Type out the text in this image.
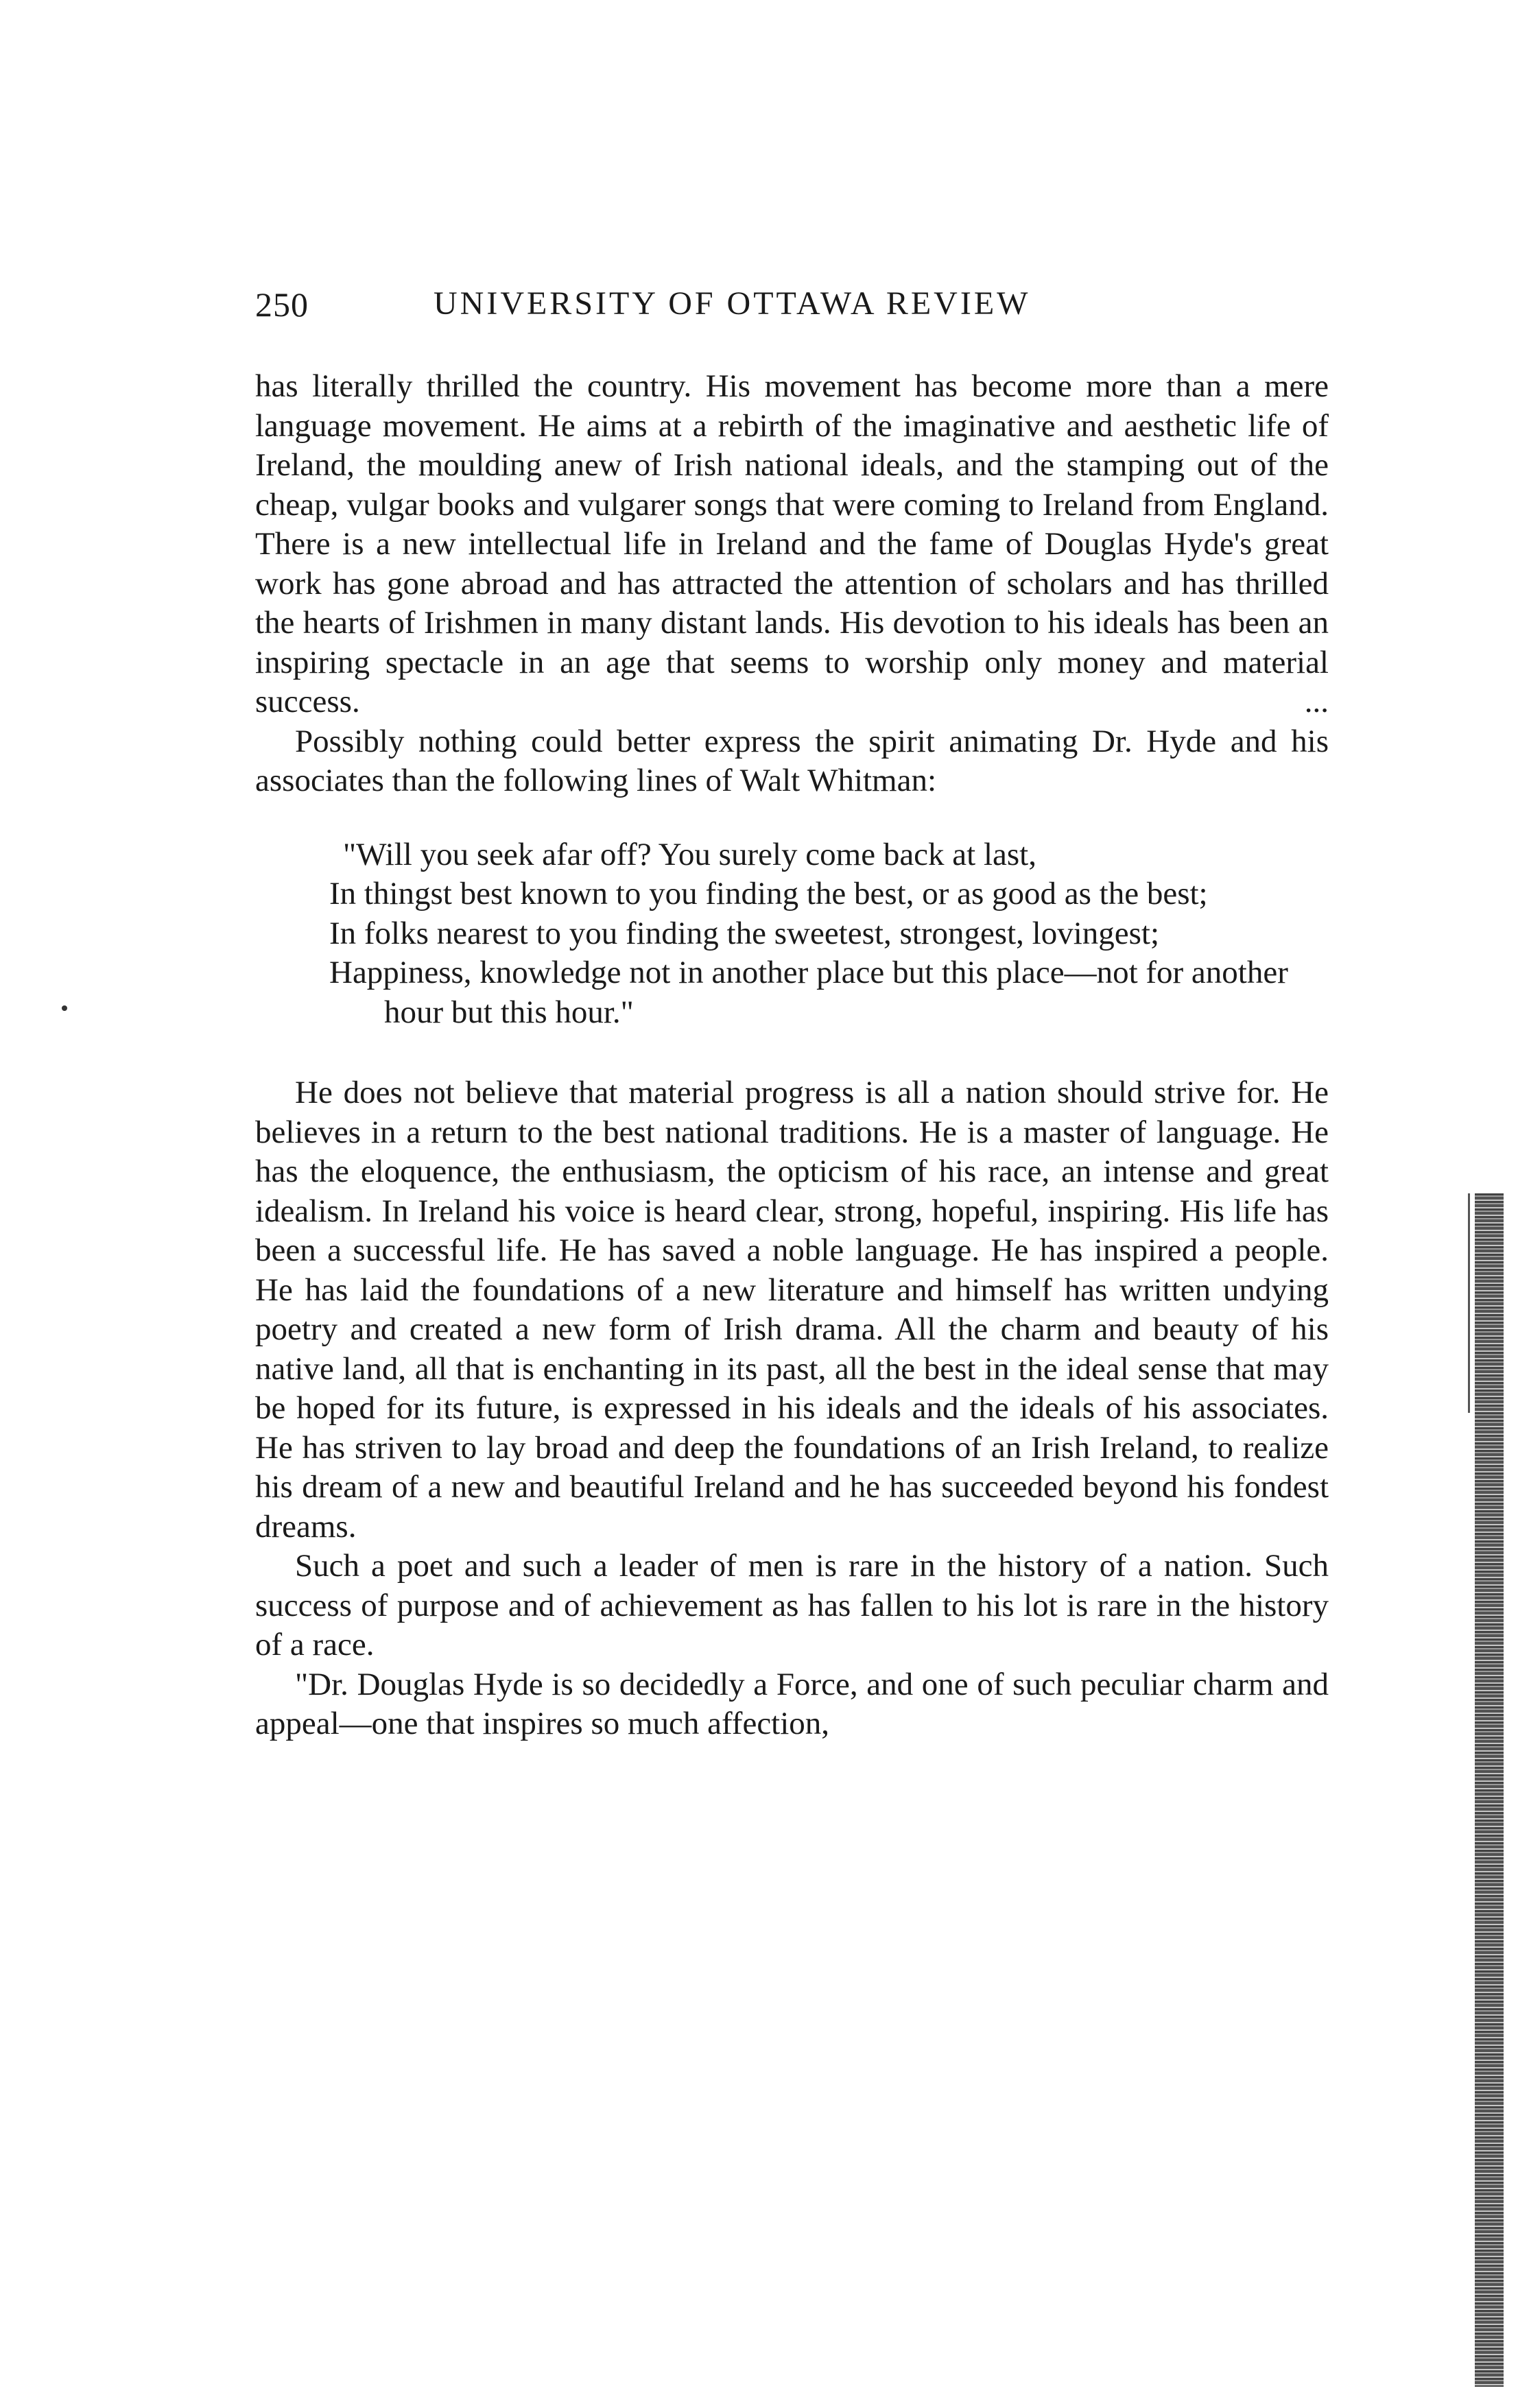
250	UNIVERSITY OF OTTAWA REVIEW

has literally thrilled the country. His movement has become more than a mere language movement. He aims at a rebirth of the imaginative and aesthetic life of Ireland, the moulding anew of Irish national ideals, and the stamping out of the cheap, vulgar books and vulgarer songs that were coming to Ireland from England. There is a new intellectual life in Ireland and the fame of Douglas Hyde's great work has gone abroad and has attracted the attention of scholars and has thrilled the hearts of Irishmen in many distant lands. His devotion to his ideals has been an inspiring spectacle in an age that seems to worship only money and material success.	...

Possibly nothing could better express the spirit animating Dr. Hyde and his associates than the following lines of Walt Whitman:

"Will you seek afar off? You surely come back at last,

In thingst best known to you finding the best, or as good as the best;

In folks nearest to you finding the sweetest, strongest, lovingest;

Happiness, knowledge not in another place but this place—not for another hour but this hour."

He does not believe that material progress is all a nation should strive for. He believes in a return to the best national traditions. He is a master of language. He has the eloquence, the enthusiasm, the opticism of his race, an intense and great idealism. In Ireland his voice is heard clear, strong, hopeful, inspiring. His life has been a successful life. He has saved a noble language. He has inspired a people. He has laid the foundations of a new literature and himself has written undying poetry and created a new form of Irish drama. All the charm and beauty of his native land, all that is enchanting in its past, all the best in the ideal sense that may be hoped for its future, is expressed in his ideals and the ideals of his associates. He has striven to lay broad and deep the foundations of an Irish Ireland, to realize his dream of a new and beautiful Ireland and he has succeeded beyond his fondest dreams.

Such a poet and such a leader of men is rare in the history of a nation. Such success of purpose and of achievement as has fallen to his lot is rare in the history of a race.

"Dr. Douglas Hyde is so decidedly a Force, and one of such peculiar charm and appeal—one that inspires so much affection,
